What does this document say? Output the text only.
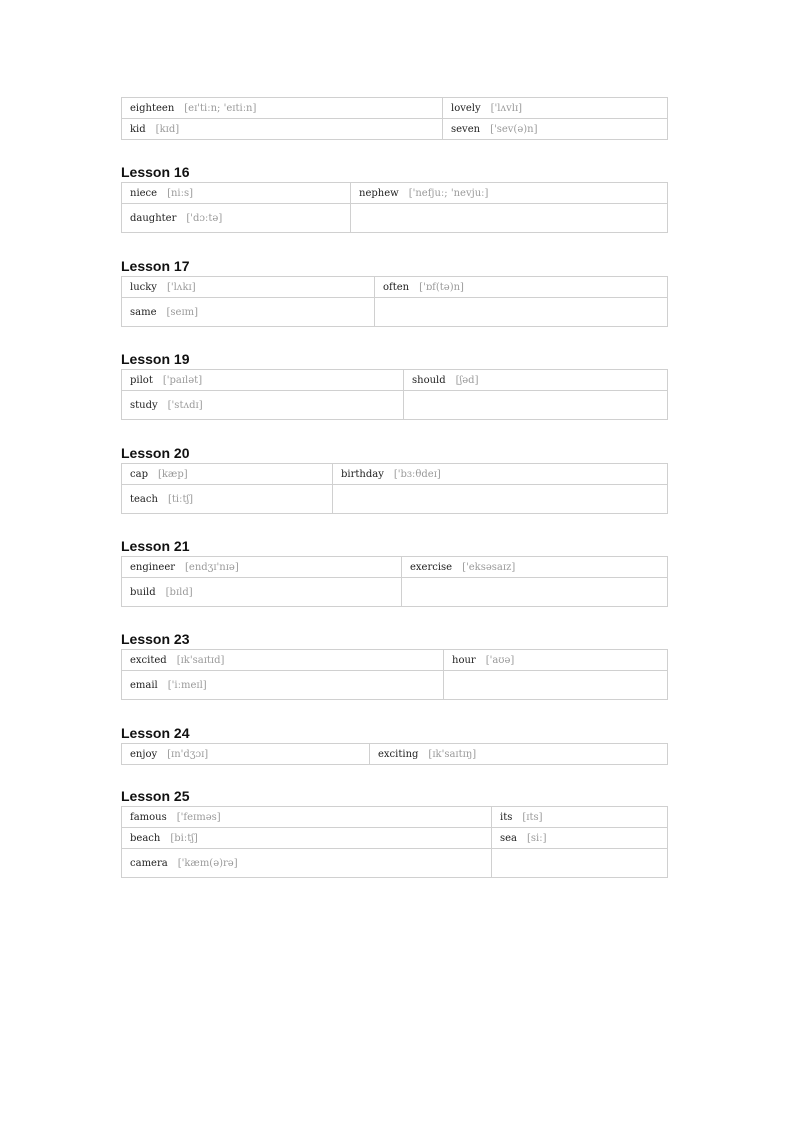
eighteen [eɪ'tiːn; 'eɪtiːn]	lovely ['lʌvlɪ]
kid [kɪd]	seven ['sev(ə)n]
Lesson 16
niece [niːs]	nephew ['nefjuː; 'nevjuː]
daughter ['dɔːtə]	
Lesson 17
lucky ['lʌkɪ]	often ['ɒf(tə)n]
same [seɪm]	
Lesson 19
pilot ['paɪlət]	should [ʃəd]
study ['stʌdɪ]	
Lesson 20
cap [kæp]	birthday ['bɜːθdeɪ]
teach [tiːtʃ]	
Lesson 21
engineer [endʒɪ'nɪə]	exercise ['eksəsaɪz]
build [bɪld]	
Lesson 23
excited [ɪk'saɪtɪd]	hour ['aʊə]
email ['iːmeɪl]	
Lesson 24
enjoy [ɪn'dʒɔɪ]	exciting [ɪk'saɪtɪŋ]
Lesson 25
famous ['feɪməs]	its [ɪts]
beach [biːtʃ]	sea [siː]
camera ['kæm(ə)rə]	
